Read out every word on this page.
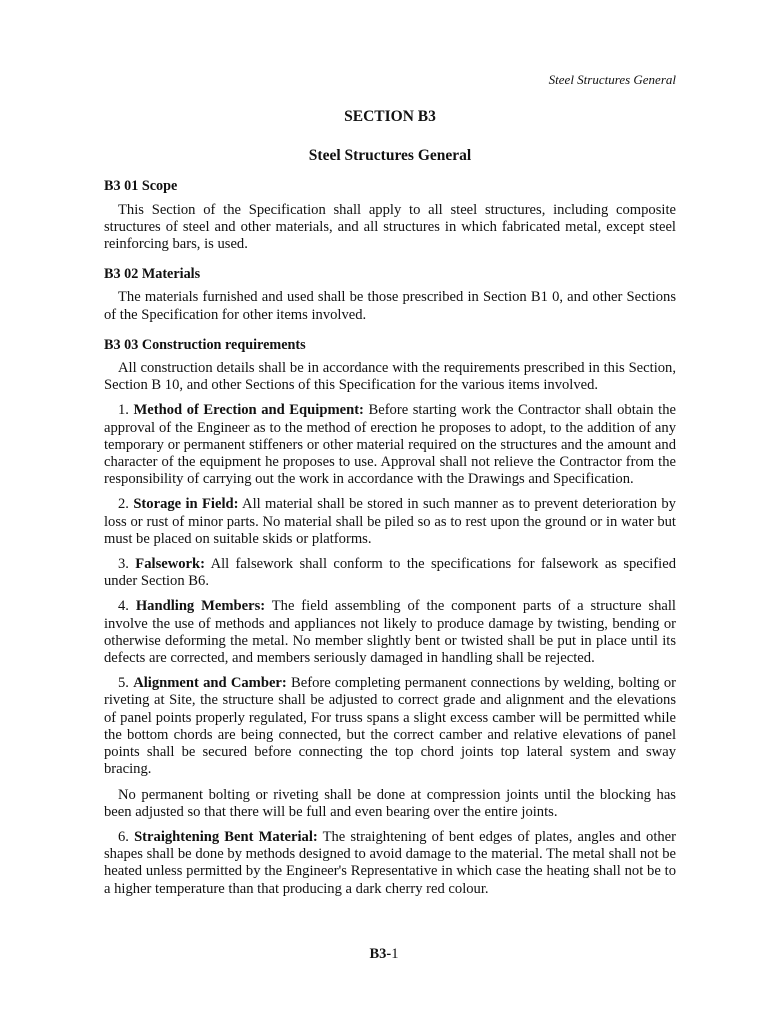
Steel Structures General
SECTION B3
Steel Structures General
B3 01 Scope

This Section of the Specification shall apply to all steel structures, including composite structures of steel and other materials, and all structures in which fabricated metal, except steel reinforcing bars, is used.

B3 02 Materials

The materials furnished and used shall be those prescribed in Section B1 0, and other Sections of the Specification for other items involved.

B3 03 Construction requirements

All construction details shall be in accordance with the requirements prescribed in this Section, Section B 10, and other Sections of this Specification for the various items involved.

1. Method of Erection and Equipment: Before starting work the Contractor shall obtain the approval of the Engineer as to the method of erection he proposes to adopt, to the addition of any temporary or permanent stiffeners or other material required on the structures and the amount and character of the equipment he proposes to use. Approval shall not relieve the Contractor from the responsibility of carrying out the work in accordance with the Drawings and Specification.

2. Storage in Field: All material shall be stored in such manner as to prevent deterioration by loss or rust of minor parts. No material shall be piled so as to rest upon the ground or in water but must be placed on suitable skids or platforms.

3. Falsework: All falsework shall conform to the specifications for falsework as specified under Section B6.

4. Handling Members: The field assembling of the component parts of a structure shall involve the use of methods and appliances not likely to produce damage by twisting, bending or otherwise deforming the metal. No member slightly bent or twisted shall be put in place until its defects are corrected, and members seriously damaged in handling shall be rejected.

5. Alignment and Camber: Before completing permanent connections by welding, bolting or riveting at Site, the structure shall be adjusted to correct grade and alignment and the elevations of panel points properly regulated, For truss spans a slight excess camber will be permitted while the bottom chords are being connected, but the correct camber and relative elevations of panel points shall be secured before connecting the top chord joints top lateral system and sway bracing.

No permanent bolting or riveting shall be done at compression joints until the blocking has been adjusted so that there will be full and even bearing over the entire joints.

6. Straightening Bent Material: The straightening of bent edges of plates, angles and other shapes shall be done by methods designed to avoid damage to the material. The metal shall not be heated unless permitted by the Engineer's Representative in which case the heating shall not be to a higher temperature than that producing a dark cherry red colour.

B3-1
